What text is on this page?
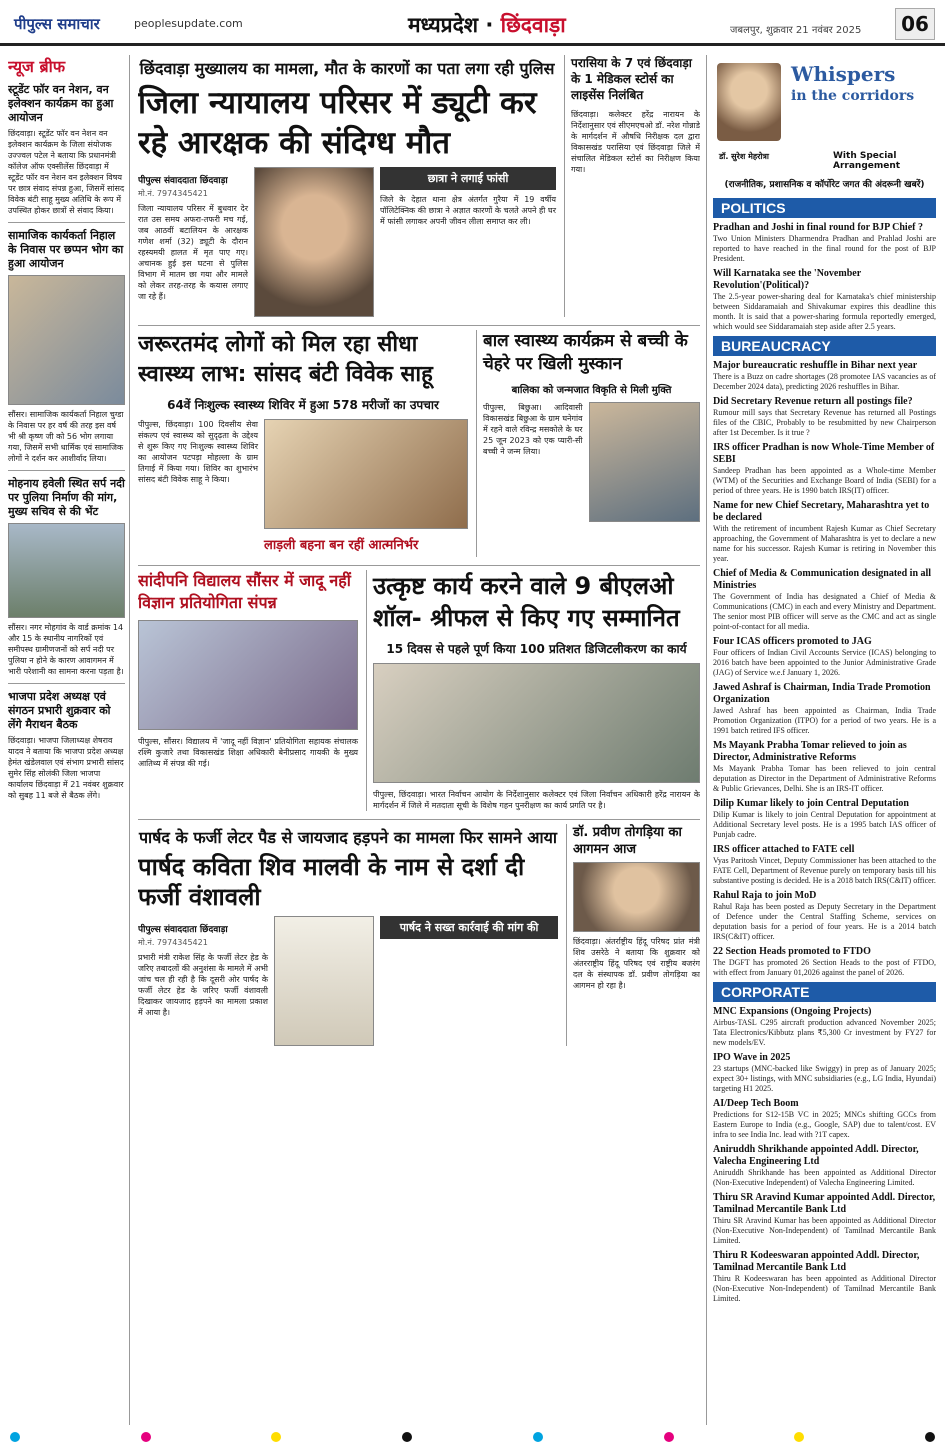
पीपुल्स समाचार	peoplesupdate.com	मध्यप्रदेश · छिंदवाड़ा	जबलपुर, शुक्रवार 21 नवंबर 2025	06
न्यूज ब्रीफ
स्टूडेंट फॉर वन नेशन, वन इलेक्शन कार्यक्रम का हुआ आयोजन
छिंदवाड़ा। स्टूडेंट फॉर वन नेशन वन इलेक्शन कार्यक्रम के जिला संयोजक उज्ज्वल पटेल ने बताया कि प्रधानमंत्री कॉलेज ऑफ एक्सीलेंस छिंदवाड़ा में स्टूडेंट फॉर वन नेशन वन इलेक्शन विषय पर छात्र संवाद संपन्न हुआ, जिसमें सांसद विवेक बंटी साहू मुख्य अतिथि के रूप में उपस्थित होकर छात्रों से संवाद किया।
सामाजिक कार्यकर्ता निहाल के निवास पर छप्पन भोग का हुआ आयोजन
सौंसर। सामाजिक कार्यकर्ता निहाल चुग्डा के निवास पर हर वर्ष की तरह इस वर्ष भी श्री कृष्ण जी को 56 भोग लगाया गया, जिसमें सभी धार्मिक एवं सामाजिक लोगों ने दर्शन कर आशीर्वाद लिया।
मोहनाय हवेली स्थित सर्प नदी पर पुलिया निर्माण की मांग, मुख्य सचिव से की भेंट
सौंसर। नगर मोहगांव के वार्ड क्रमांक 14 और 15 के स्थानीय नागरिकों एवं समीपस्थ ग्रामीणजनों को सर्प नदी पर पुलिया न होने के कारण आवागमन में भारी परेशानी का सामना करना पड़ता है।
भाजपा प्रदेश अध्यक्ष एवं संगठन प्रभारी शुक्रवार को लेंगे मैराथन बैठक
छिंदवाड़ा। भाजपा जिलाध्यक्ष शेषराव यादव ने बताया कि भाजपा प्रदेश अध्यक्ष हेमंत खंडेलवाल एवं संभाग प्रभारी सांसद सुमेर सिंह सोलंकी जिला भाजपा कार्यालय छिंदवाड़ा में 21 नवंबर शुक्रवार को सुबह 11 बजे से बैठक लेंगे।
छिंदवाड़ा मुख्यालय का मामला, मौत के कारणों का पता लगा रही पुलिस
जिला न्यायालय परिसर में ड्यूटी कर रहे आरक्षक की संदिग्ध मौत
पीपुल्स संवाददाता छिंदवाड़ा
मो.नं. 7974345421
जिला न्यायालय परिसर में बुधवार देर रात उस समय अफरा-तफरी मच गई, जब आठवीं बटालियन के आरक्षक गणेश शर्मा (32) ड्यूटी के दौरान रहस्यमयी हालत में मृत पाए गए। अचानक हुई इस घटना से पुलिस विभाग में मातम छा गया और मामले को लेकर तरह-तरह के कयास लगाए जा रहे हैं।
छात्रा ने लगाई फांसी
जिले के देहात थाना क्षेत्र अंतर्गत गुरैया में 19 वर्षीय पॉलिटेक्निक की छात्रा ने अज्ञात कारणों के चलते अपने ही घर में फांसी लगाकर अपनी जीवन लीला समाप्त कर ली।
परासिया के 7 एवं छिंदवाड़ा के 1 मेडिकल स्टोर्स का लाइसेंस निलंबित
छिंदवाड़ा। कलेक्टर हरेंद्र नारायन के निर्देशानुसार एवं सीएमएचओ डॉ. नरेश गोन्नाडे के मार्गदर्शन में औषधि निरीक्षक दल द्वारा विकासखंड परासिया एवं छिंदवाड़ा जिले में संचालित मेडिकल स्टोर्स का निरीक्षण किया गया।
जरूरतमंद लोगों को मिल रहा सीधा स्वास्थ्य लाभ: सांसद बंटी विवेक साहू
64वें निःशुल्क स्वास्थ्य शिविर में हुआ 578 मरीजों का उपचार
पीपुल्स, छिंदवाड़ा। 100 दिवसीय सेवा संकल्प एवं स्वास्थ्य को सुदृढ़ता के उद्देश्य से शुरू किए गए निःशुल्क स्वास्थ्य शिविर का आयोजन पटपड़ा मोहल्ला के ग्राम तिगाई में किया गया। शिविर का शुभारंभ सांसद बंटी विवेक साहू ने किया।
लाड़ली बहना बन रहीं आत्मनिर्भर
बाल स्वास्थ्य कार्यक्रम से बच्ची के चेहरे पर खिली मुस्कान
बालिका को जन्मजात विकृति से मिली मुक्ति
पीपुल्स, बिछुआ। आदिवासी विकासखंड बिछुआ के ग्राम घनेगांव में रहने वाले रविन्द्र मसकोले के घर 25 जून 2023 को एक प्यारी-सी बच्ची ने जन्म लिया।
सांदीपनि विद्यालय सौंसर में जादू नहीं विज्ञान प्रतियोगिता संपन्न
पीपुल्स, सौंसर। विद्यालय में 'जादू नहीं विज्ञान' प्रतियोगिता सहायक संचालक रश्मि कुजारे तथा विकासखंड शिक्षा अधिकारी बेनीप्रसाद गायकी के मुख्य आतिथ्य में संपन्न की गई।
उत्कृष्ट कार्य करने वाले 9 बीएलओ शॉल- श्रीफल से किए गए सम्मानित
15 दिवस से पहले पूर्ण किया 100 प्रतिशत डिजिटलीकरण का कार्य
पीपुल्स, छिंदवाड़ा। भारत निर्वाचन आयोग के निर्देशानुसार कलेक्टर एवं जिला निर्वाचन अधिकारी हरेंद्र नारायन के मार्गदर्शन में जिले में मतदाता सूची के विशेष गहन पुनरीक्षण का कार्य प्रगति पर है।
पार्षद के फर्जी लेटर पैड से जायजाद हड़पने का मामला फिर सामने आया
पार्षद कविता शिव मालवी के नाम से दर्शा दी फर्जी वंशावली
पीपुल्स संवाददाता छिंदवाड़ा
मो.नं. 7974345421
प्रभारी मंत्री राकेश सिंह के फर्जी लेटर हेड के जरिए तबादलों की अनुशंसा के मामले में अभी जांच चल ही रही है कि दूसरी ओर पार्षद के फर्जी लेटर हेड के जरिए फर्जी वंशावली दिखाकर जायजाद हड़पने का मामला प्रकाश में आया है।
पार्षद ने सख्त कार्रवाई की मांग की
डॉ. प्रवीण तोगड़िया का आगमन आज
छिंदवाड़ा। अंतर्राष्ट्रीय हिंदू परिषद प्रांत मंत्री शिव उसरेठे ने बताया कि शुक्रवार को अंतरराष्ट्रीय हिंदू परिषद एवं राष्ट्रीय बजरंग दल के संस्थापक डॉ. प्रवीण तोगड़िया का आगमन हो रहा है।
Whispers
in the corridors
डॉ. सुरेश मेहरोत्रा	With Special Arrangement
(राजनीतिक, प्रशासनिक व कॉर्पोरेट जगत की अंदरूनी खबरें)
POLITICS
Pradhan and Joshi in final round for BJP Chief ?
Two Union Ministers Dharmendra Pradhan and Prahlad Joshi are reported to have reached in the final round for the post of BJP President.
Will Karnataka see the 'November Revolution'(Political)?
The 2.5-year power-sharing deal for Karnataka's chief ministership between Siddaramaiah and Shivakumar expires this deadline this month. It is said that a power-sharing formula reportedly emerged, which would see Siddaramaiah step aside after 2.5 years.
BUREAUCRACY
Major bureaucratic reshuffle in Bihar next year
There is a Buzz on cadre shortages (28 promotee IAS vacancies as of December 2024 data), predicting 2026 reshuffles in Bihar.
Did Secretary Revenue return all postings file?
Rumour mill says that Secretary Revenue has returned all Postings files of the CBIC, Probably to be resubmitted by new Chairperson after 1st December. Is it true ?
IRS officer Pradhan is now Whole-Time Member of SEBI
Sandeep Pradhan has been appointed as a Whole-time Member (WTM) of the Securities and Exchange Board of India (SEBI) for a period of three years. He is 1990 batch IRS(IT) officer.
Name for new Chief Secretary, Maharashtra yet to be declared
With the retirement of incumbent Rajesh Kumar as Chief Secretary approaching, the Government of Maharashtra is yet to declare a new name for his successor. Rajesh Kumar is retiring in November this year.
Chief of Media & Communication designated in all Ministries
The Government of India has designated a Chief of Media & Communications (CMC) in each and every Ministry and Department. The senior most PIB officer will serve as the CMC and act as single point-of-contact for all media.
Four ICAS officers promoted to JAG
Four officers of Indian Civil Accounts Service (ICAS) belonging to 2016 batch have been appointed to the Junior Administrative Grade (JAG) of Service w.e.f January 1, 2026.
Jawed Ashraf is Chairman, India Trade Promotion Organization
Jawed Ashraf has been appointed as Chairman, India Trade Promotion Organization (ITPO) for a period of two years. He is a 1991 batch retired IFS officer.
Ms Mayank Prabha Tomar relieved to join as Director, Administrative Reforms
Ms Mayank Prabha Tomar has been relieved to join central deputation as Director in the Department of Administrative Reforms & Public Grievances, Delhi. She is an IRS-IT officer.
Dilip Kumar likely to join Central Deputation
Dilip Kumar is likely to join Central Deputation for appointment at Additional Secretary level posts. He is a 1995 batch IAS officer of Punjab cadre.
IRS officer attached to FATE cell
Vyas Paritosh Vincet, Deputy Commissioner has been attached to the FATE Cell, Department of Revenue purely on temporary basis till his substantive posting is decided. He is a 2018 batch IRS(C&IT) officer.
Rahul Raja to join MoD
Rahul Raja has been posted as Deputy Secretary in the Department of Defence under the Central Staffing Scheme, services on deputation basis for a period of four years. He is a 2014 batch IRS(C&IT) officer.
22 Section Heads promoted to FTDO
The DGFT has promoted 26 Section Heads to the post of FTDO, with effect from January 01,2026 against the panel of 2026.
CORPORATE
MNC Expansions (Ongoing Projects)
Airbus-TASL C295 aircraft production advanced November 2025; Tata Electronics/Kibbutz plans ₹5,300 Cr investment by FY27 for new models/EV.
IPO Wave in 2025
23 startups (MNC-backed like Swiggy) in prep as of January 2025; expect 30+ listings, with MNC subsidiaries (e.g., LG India, Hyundai) targeting H1 2025.
AI/Deep Tech Boom
Predictions for S12-15B VC in 2025; MNCs shifting GCCs from Eastern Europe to India (e.g., Google, SAP) due to talent/cost. EV infra to see India Inc. lead with ?1T capex.
Aniruddh Shrikhande appointed Addl. Director, Valecha Engineering Ltd
Aniruddh Shrikhande has been appointed as Additional Director (Non-Executive Independent) of Valecha Engineering Limited.
Thiru SR Aravind Kumar appointed Addl. Director, Tamilnad Mercantile Bank Ltd
Thiru SR Aravind Kumar has been appointed as Additional Director (Non-Executive Non-Independent) of Tamilnad Mercantile Bank Limited.
Thiru R Kodeeswaran appointed Addl. Director, Tamilnad Mercantile Bank Ltd
Thiru R Kodeeswaran has been appointed as Additional Director (Non-Executive Non-Independent) of Tamilnad Mercantile Bank Limited.
